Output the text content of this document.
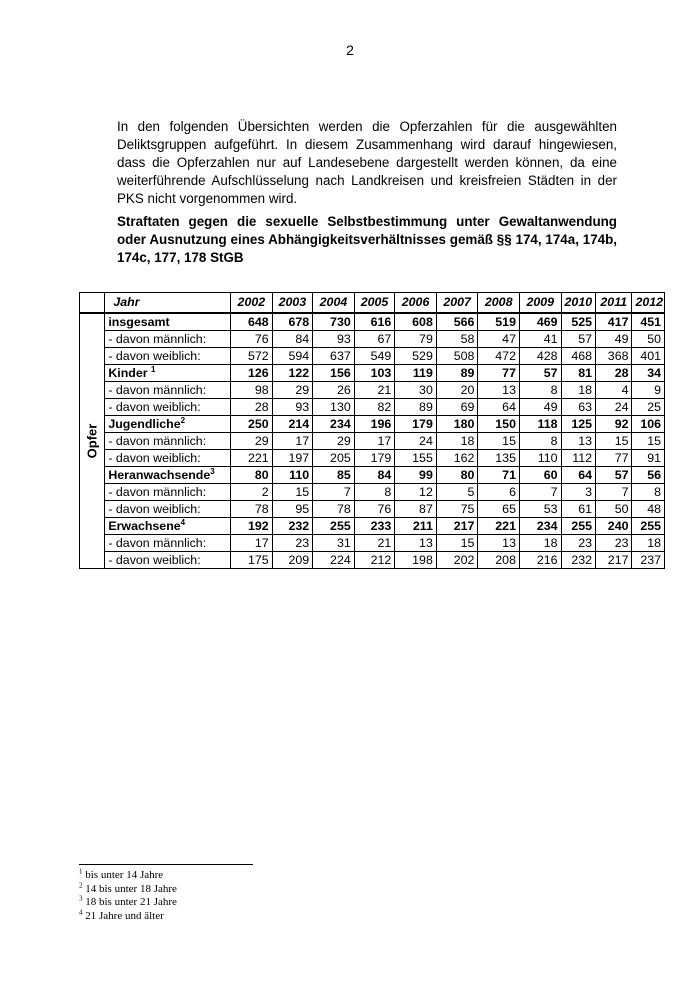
2

In den folgenden Übersichten werden die Opferzahlen für die ausgewählten Deliktsgruppen aufgeführt. In diesem Zusammenhang wird darauf hingewiesen, dass die Opferzahlen nur auf Landesebene dargestellt werden können, da eine weiterführende Aufschlüsselung nach Landkreisen und kreisfreien Städten in der PKS nicht vorgenommen wird.

Straftaten gegen die sexuelle Selbstbestimmung unter Gewaltanwendung oder Ausnutzung eines Abhängigkeitsverhältnisses gemäß §§ 174, 174a, 174b, 174c, 177, 178 StGB

	Jahr	2002	2003	2004	2005	2006	2007	2008	2009	2010	2011	2012

Opfer	insgesamt	648	678	730	616	608	566	519	469	525	417	451
	- davon männlich:	76	84	93	67	79	58	47	41	57	49	50
	- davon weiblich:	572	594	637	549	529	508	472	428	468	368	401
	Kinder $^1$	126	122	156	103	119	89	77	57	81	28	34
	- davon männlich:	98	29	26	21	30	20	13	8	18	4	9
	- davon weiblich:	28	93	130	82	89	69	64	49	63	24	25
	Jugendliche$^2$	250	214	234	196	179	180	150	118	125	92	106
	- davon männlich:	29	17	29	17	24	18	15	8	13	15	15
	- davon weiblich:	221	197	205	179	155	162	135	110	112	77	91
	Heranwachsende$^3$	80	110	85	84	99	80	71	60	64	57	56
	- davon männlich:	2	15	7	8	12	5	6	7	3	7	8
	- davon weiblich:	78	95	78	76	87	75	65	53	61	50	48
	Erwachsene$^4$	192	232	255	233	211	217	221	234	255	240	255
	- davon männlich:	17	23	31	21	13	15	13	18	23	23	18
	- davon weiblich:	175	209	224	212	198	202	208	216	232	217	237
$^1$ bis unter 14 Jahre
$^2$ 14 bis unter 18 Jahre
$^3$ 18 bis unter 21 Jahre
$^4$ 21 Jahre und älter
